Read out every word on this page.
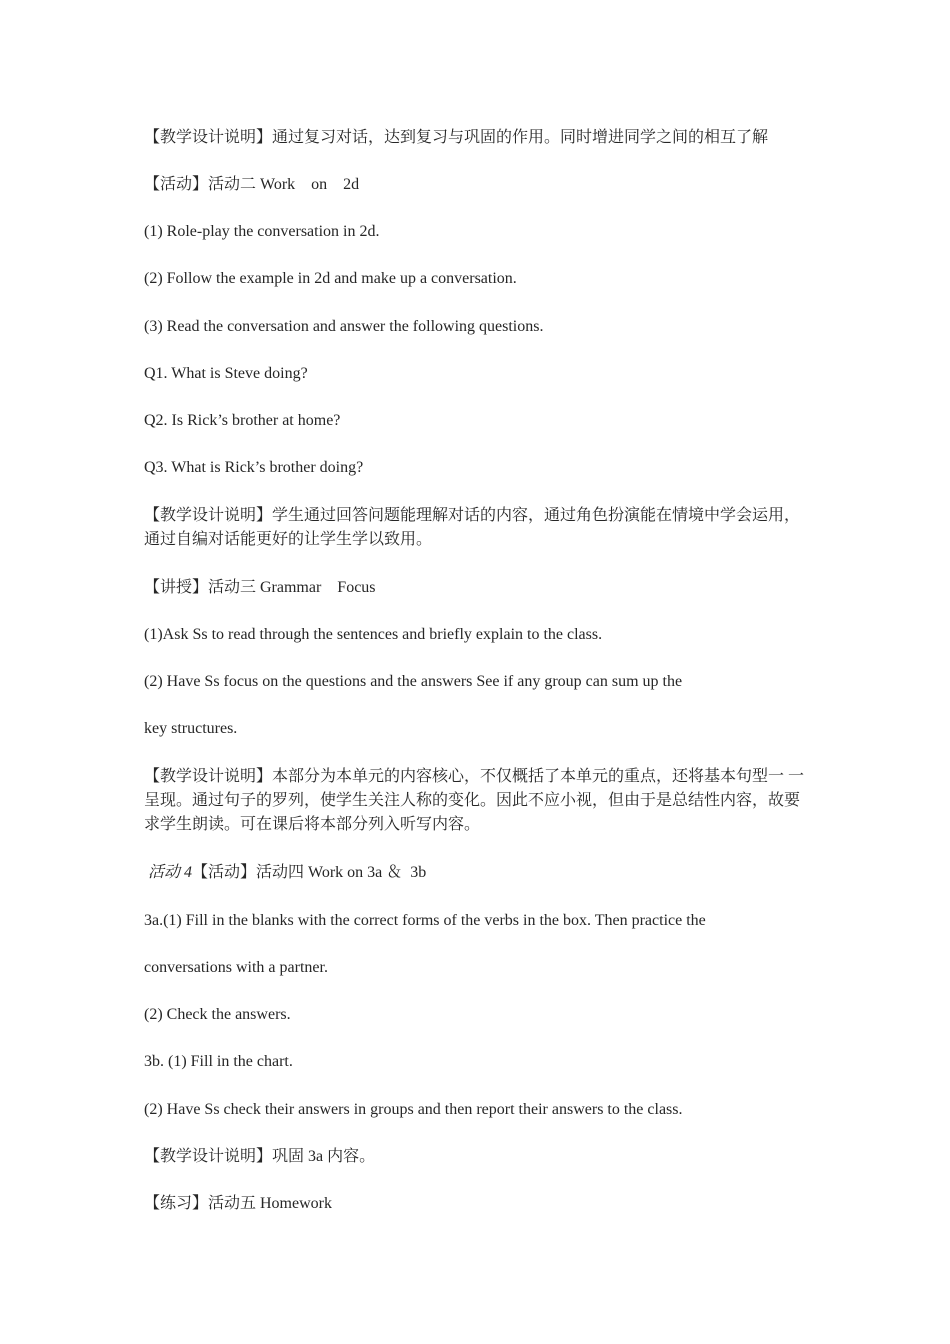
【教学设计说明】通过复习对话，达到复习与巩固的作用。同时增进同学之间的相互了解

【活动】活动二 Work    on    2d

(1) Role-play the conversation in 2d.

(2) Follow the example in 2d and make up a conversation.

(3) Read the conversation and answer the following questions.

Q1. What is Steve doing?

Q2. Is Rick’s brother at home?

Q3. What is Rick’s brother doing?

【教学设计说明】学生通过回答问题能理解对话的内容，通过角色扮演能在情境中学会运用，通过自编对话能更好的让学生学以致用。

【讲授】活动三 Grammar    Focus

(1)Ask Ss to read through the sentences and briefly explain to the class.

(2) Have Ss focus on the questions and the answers See if any group can sum up the

key structures.

【教学设计说明】本部分为本单元的内容核心，不仅概括了本单元的重点，还将基本句型一 一呈现。通过句子的罗列，使学生关注人称的变化。因此不应小视，但由于是总结性内容，故要求学生朗读。可在课后将本部分列入听写内容。

活动 4【活动】活动四 Work on 3a ＆  3b

3a.(1) Fill in the blanks with the correct forms of the verbs in the box. Then practice the

conversations with a partner.

(2) Check the answers.

3b. (1) Fill in the chart.

(2) Have Ss check their answers in groups and then report their answers to the class.

【教学设计说明】巩固 3a 内容。

【练习】活动五 Homework
